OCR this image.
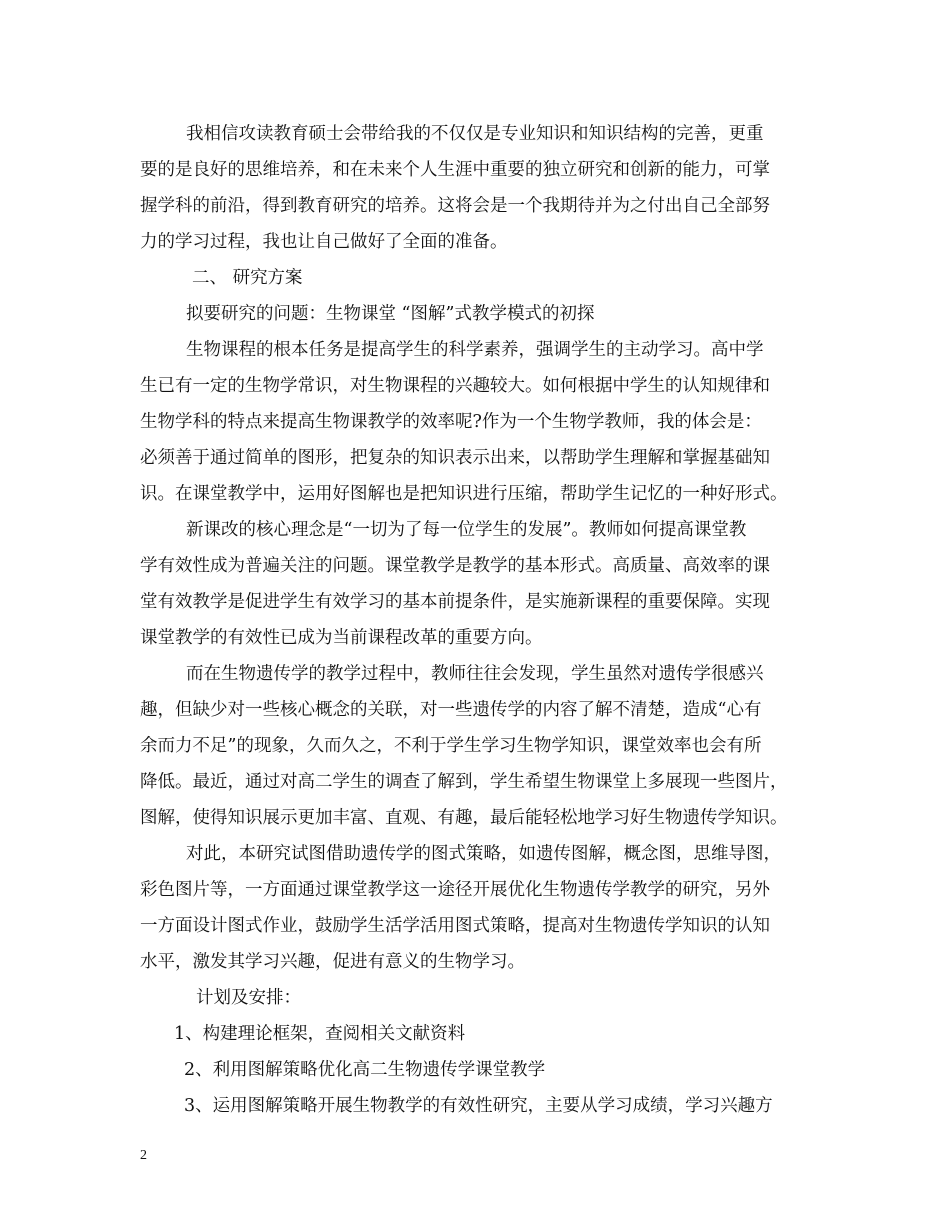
我相信攻读教育硕士会带给我的不仅仅是专业知识和知识结构的完善，更重
要的是良好的思维培养，和在未来个人生涯中重要的独立研究和创新的能力，可掌
握学科的前沿，得到教育研究的培养。这将会是一个我期待并为之付出自己全部努
力的学习过程，我也让自己做好了全面的准备。
二、 研究方案
拟要研究的问题：生物课堂 “图解”式教学模式的初探
生物课程的根本任务是提高学生的科学素养，强调学生的主动学习。高中学
生已有一定的生物学常识，对生物课程的兴趣较大。如何根据中学生的认知规律和
生物学科的特点来提高生物课教学的效率呢?作为一个生物学教师，我的体会是：
必须善于通过简单的图形，把复杂的知识表示出来，以帮助学生理解和掌握基础知
识。在课堂教学中，运用好图解也是把知识进行压缩，帮助学生记忆的一种好形式。
新课改的核心理念是“一切为了每一位学生的发展”。教师如何提高课堂教
学有效性成为普遍关注的问题。课堂教学是教学的基本形式。高质量、高效率的课
堂有效教学是促进学生有效学习的基本前提条件，是实施新课程的重要保障。实现
课堂教学的有效性已成为当前课程改革的重要方向。
而在生物遗传学的教学过程中，教师往往会发现，学生虽然对遗传学很感兴
趣，但缺少对一些核心概念的关联，对一些遗传学的内容了解不清楚，造成“心有
余而力不足”的现象，久而久之，不利于学生学习生物学知识，课堂效率也会有所
降低。最近，通过对高二学生的调查了解到，学生希望生物课堂上多展现一些图片，
图解，使得知识展示更加丰富、直观、有趣，最后能轻松地学习好生物遗传学知识。
对此，本研究试图借助遗传学的图式策略，如遗传图解，概念图，思维导图，
彩色图片等，一方面通过课堂教学这一途径开展优化生物遗传学教学的研究，另外
一方面设计图式作业，鼓励学生活学活用图式策略，提高对生物遗传学知识的认知
水平，激发其学习兴趣，促进有意义的生物学习。
计划及安排：
1、构建理论框架，查阅相关文献资料
2、利用图解策略优化高二生物遗传学课堂教学
3、运用图解策略开展生物教学的有效性研究，主要从学习成绩，学习兴趣方
2
